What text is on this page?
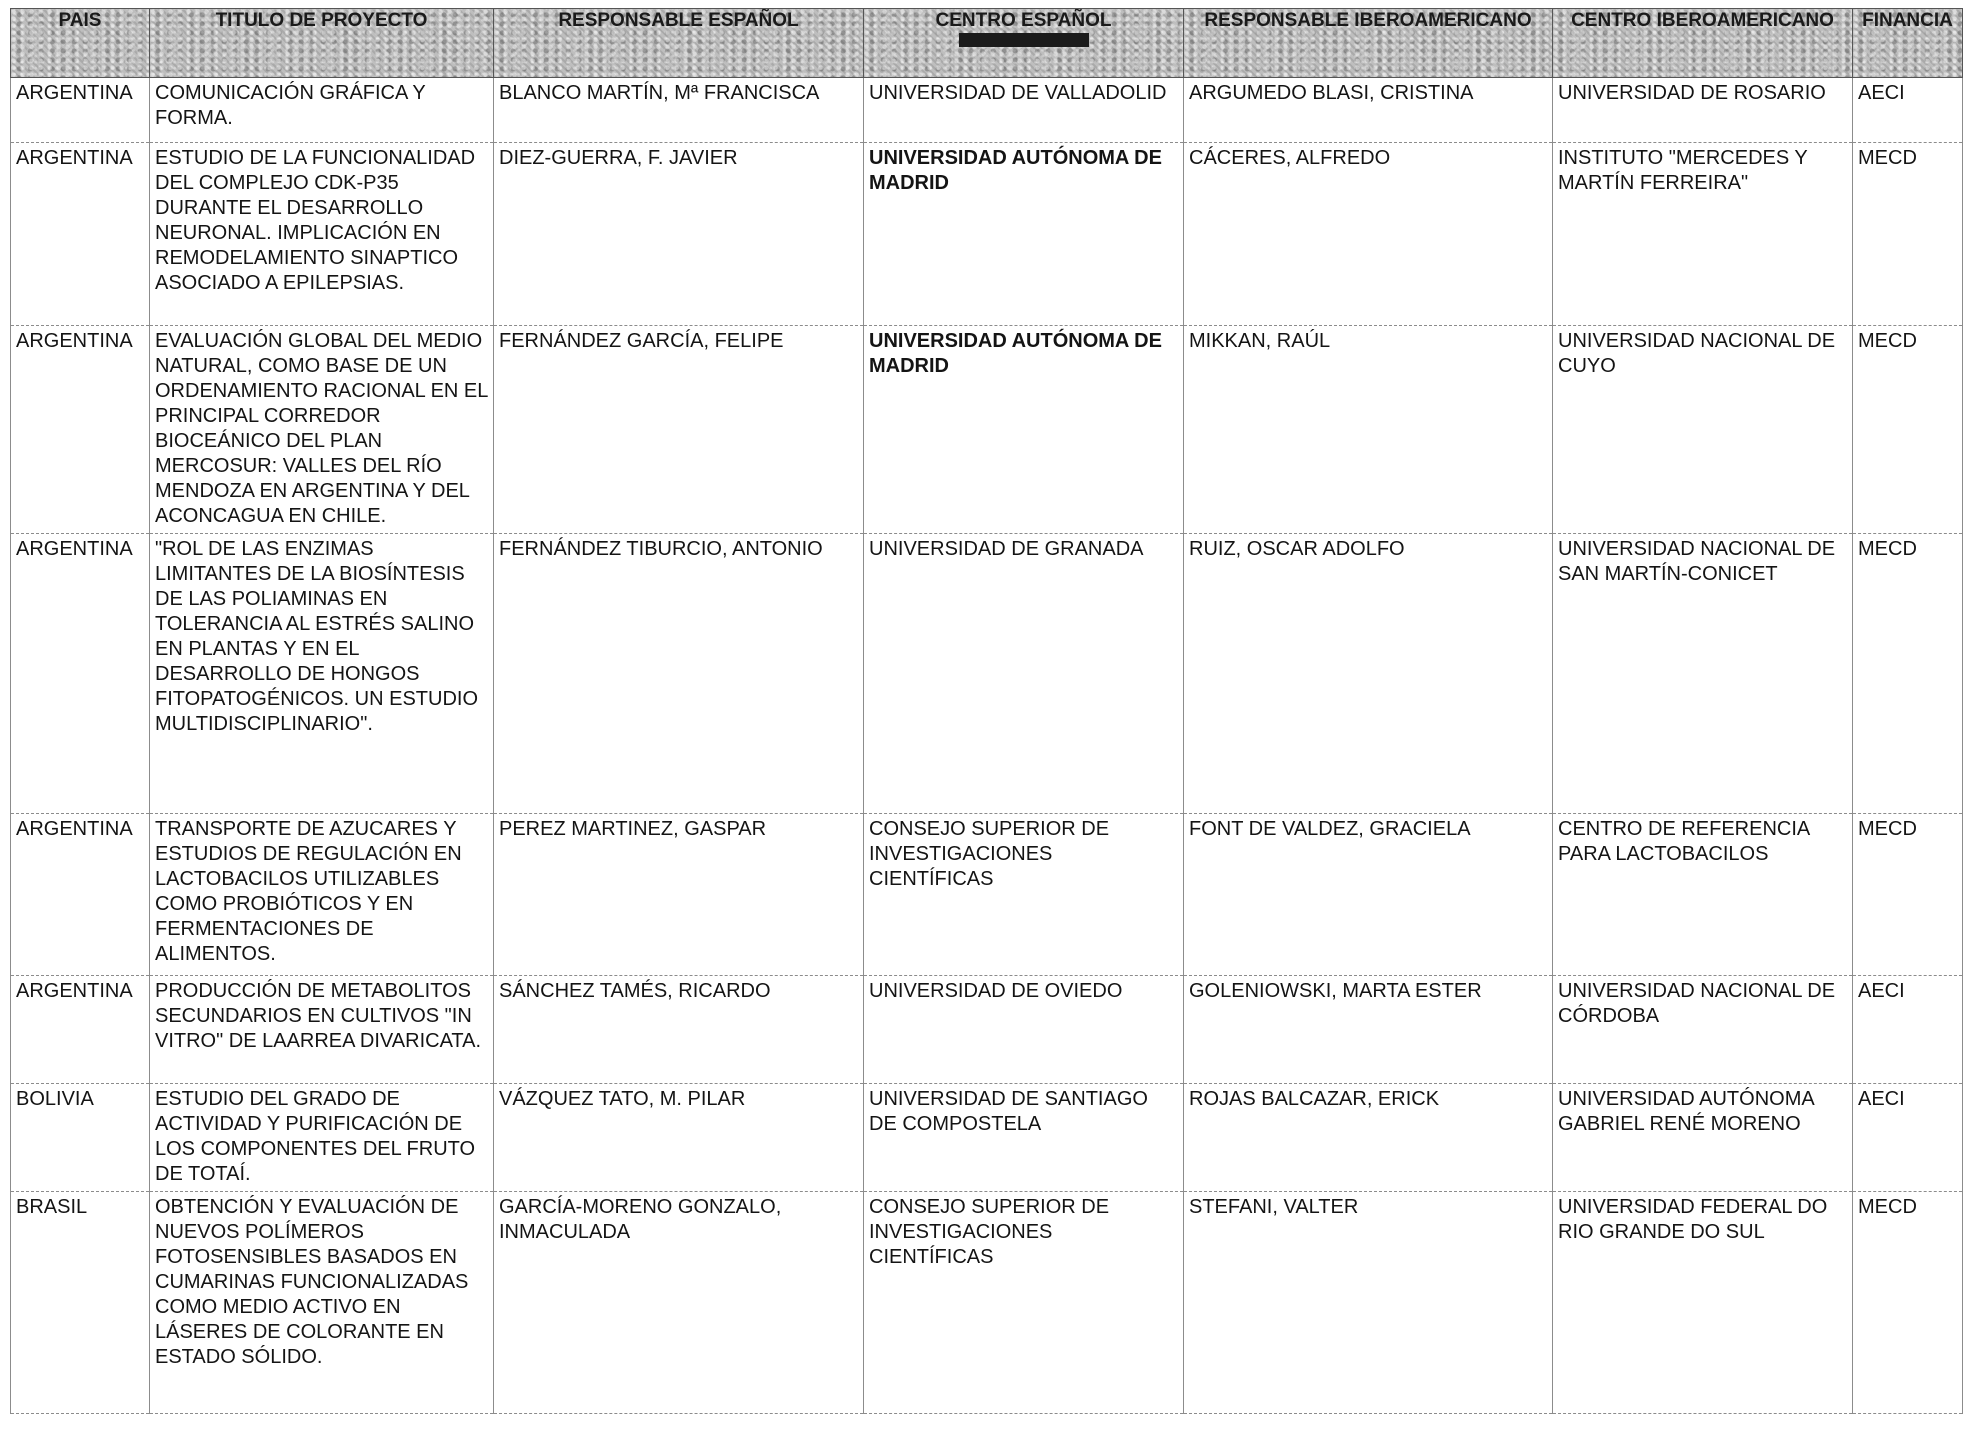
PAIS	TITULO DE PROYECTO	RESPONSABLE ESPAÑOL	CENTRO ESPAÑOL	RESPONSABLE IBEROAMERICANO	CENTRO IBEROAMERICANO	FINANCIA
ARGENTINA	COMUNICACIÓN GRÁFICA Y FORMA.	BLANCO MARTÍN, Mª FRANCISCA	UNIVERSIDAD DE VALLADOLID	ARGUMEDO BLASI, CRISTINA	UNIVERSIDAD DE ROSARIO	AECI
ARGENTINA	ESTUDIO DE LA FUNCIONALIDAD DEL COMPLEJO CDK-P35 DURANTE EL DESARROLLO NEURONAL. IMPLICACIÓN EN REMODELAMIENTO SINAPTICO ASOCIADO A EPILEPSIAS.	DIEZ-GUERRA, F. JAVIER	UNIVERSIDAD AUTÓNOMA DE MADRID	CÁCERES, ALFREDO	INSTITUTO "MERCEDES Y MARTÍN FERREIRA"	MECD
ARGENTINA	EVALUACIÓN GLOBAL DEL MEDIO NATURAL, COMO BASE DE UN ORDENAMIENTO RACIONAL EN EL PRINCIPAL CORREDOR BIOCEÁNICO DEL PLAN MERCOSUR: VALLES DEL RÍO MENDOZA EN ARGENTINA Y DEL ACONCAGUA EN CHILE.	FERNÁNDEZ GARCÍA, FELIPE	UNIVERSIDAD AUTÓNOMA DE MADRID	MIKKAN, RAÚL	UNIVERSIDAD NACIONAL DE CUYO	MECD
ARGENTINA	"ROL DE LAS ENZIMAS LIMITANTES DE LA BIOSÍNTESIS DE LAS POLIAMINAS EN TOLERANCIA AL ESTRÉS SALINO EN PLANTAS Y EN EL DESARROLLO DE HONGOS FITOPATOGÉNICOS. UN ESTUDIO MULTIDISCIPLINARIO".	FERNÁNDEZ TIBURCIO, ANTONIO	UNIVERSIDAD DE GRANADA	RUIZ, OSCAR ADOLFO	UNIVERSIDAD NACIONAL DE SAN MARTÍN-CONICET	MECD
ARGENTINA	TRANSPORTE DE AZUCARES Y ESTUDIOS DE REGULACIÓN EN LACTOBACILOS UTILIZABLES COMO PROBIÓTICOS Y EN FERMENTACIONES DE ALIMENTOS.	PEREZ MARTINEZ, GASPAR	CONSEJO SUPERIOR DE INVESTIGACIONES CIENTÍFICAS	FONT DE VALDEZ, GRACIELA	CENTRO DE REFERENCIA PARA LACTOBACILOS	MECD
ARGENTINA	PRODUCCIÓN DE METABOLITOS SECUNDARIOS EN CULTIVOS "IN VITRO" DE LAARREA DIVARICATA.	SÁNCHEZ TAMÉS, RICARDO	UNIVERSIDAD DE OVIEDO	GOLENIOWSKI, MARTA ESTER	UNIVERSIDAD NACIONAL DE CÓRDOBA	AECI
BOLIVIA	ESTUDIO DEL GRADO DE ACTIVIDAD Y PURIFICACIÓN DE LOS COMPONENTES DEL FRUTO DE TOTAÍ.	VÁZQUEZ TATO, M. PILAR	UNIVERSIDAD DE SANTIAGO DE COMPOSTELA	ROJAS BALCAZAR, ERICK	UNIVERSIDAD AUTÓNOMA GABRIEL RENÉ MORENO	AECI
BRASIL	OBTENCIÓN Y EVALUACIÓN DE NUEVOS POLÍMEROS FOTOSENSIBLES BASADOS EN CUMARINAS FUNCIONALIZADAS COMO MEDIO ACTIVO EN LÁSERES DE COLORANTE EN ESTADO SÓLIDO.	GARCÍA-MORENO GONZALO, INMACULADA	CONSEJO SUPERIOR DE INVESTIGACIONES CIENTÍFICAS	STEFANI, VALTER	UNIVERSIDAD FEDERAL DO RIO GRANDE DO SUL	MECD
